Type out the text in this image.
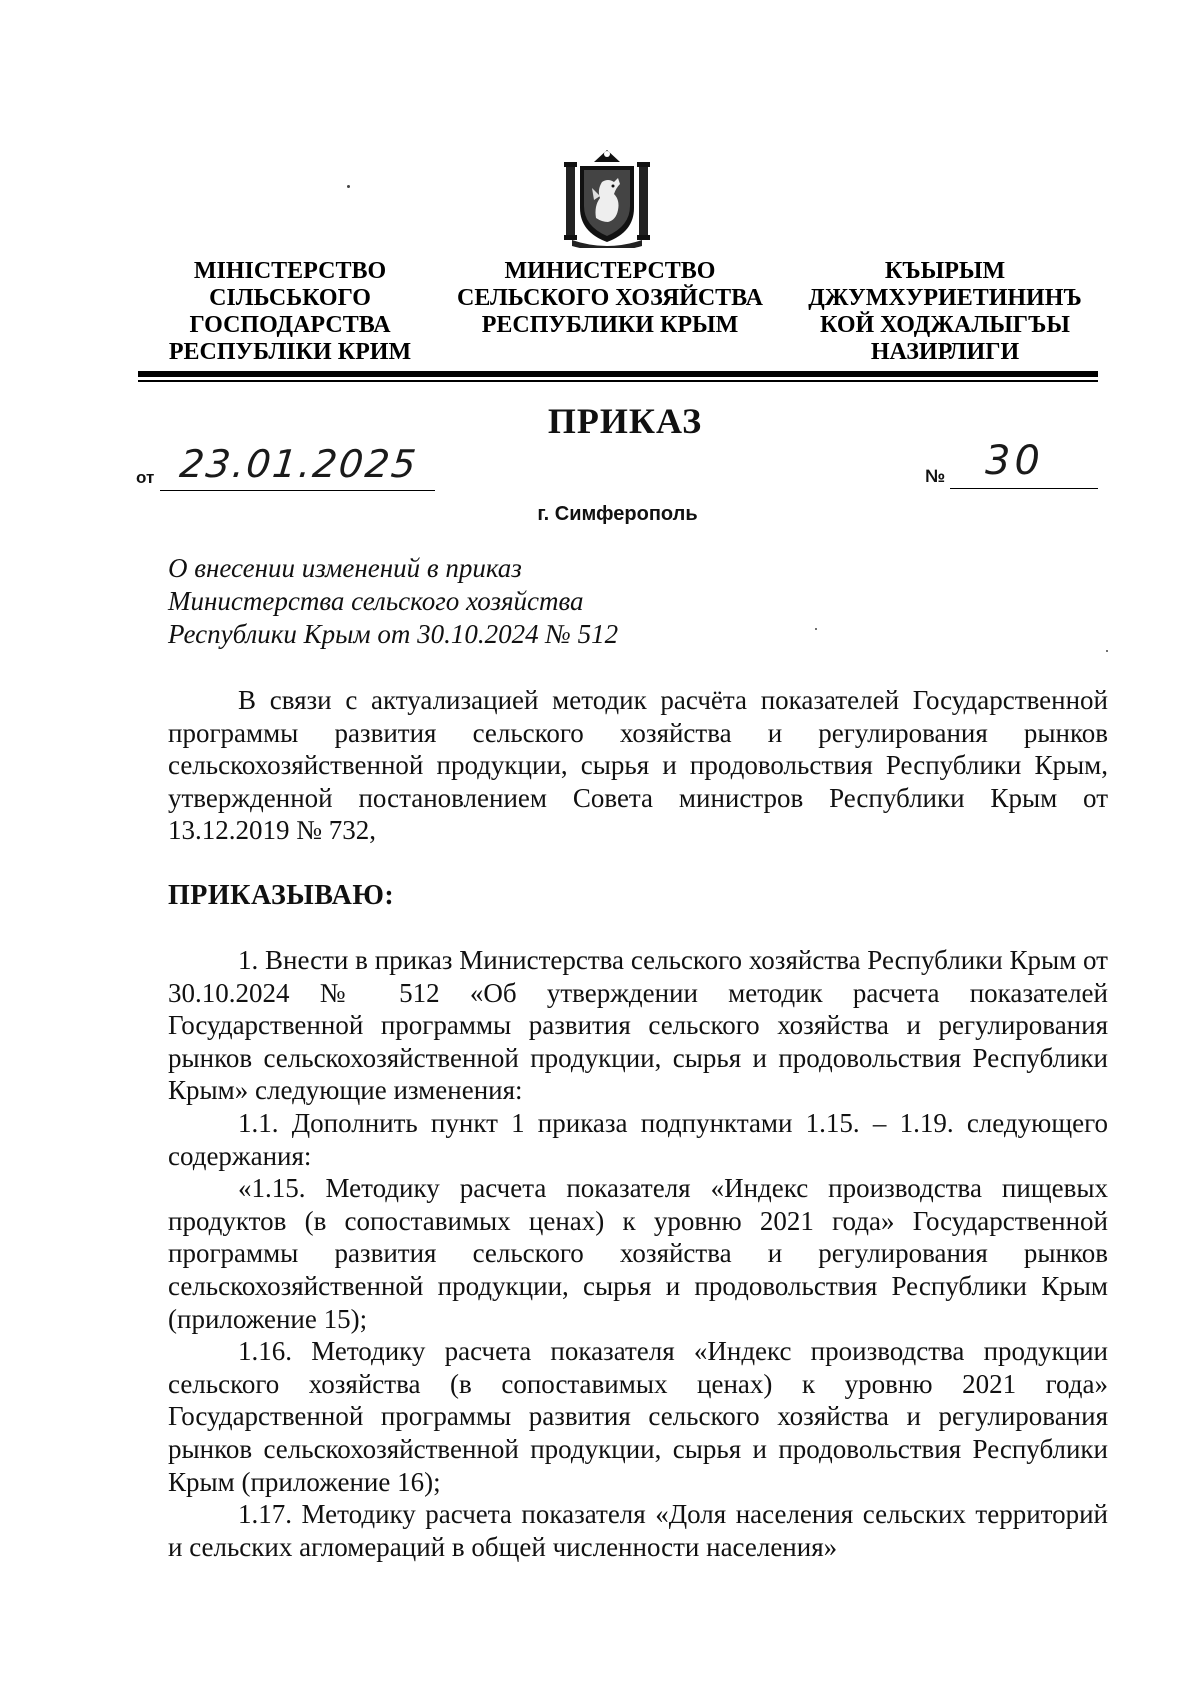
МІНІСТЕРСТВО
СІЛЬСЬКОГО
ГОСПОДАРСТВА
РЕСПУБЛІКИ КРИМ
МИНИСТЕРСТВО
СЕЛЬСКОГО ХОЗЯЙСТВА
РЕСПУБЛИКИ КРЫМ
КЪЫРЫМ
ДЖУМХУРИЕТИНИНЪ
КОЙ ХОДЖАЛЫГЪЫ
НАЗИРЛИГИ
ПРИКАЗ
от 23.01.2025	№ 30
г. Симферополь
О внесении изменений в приказ
Министерства сельского хозяйства
Республики Крым от 30.10.2024 № 512

В связи с актуализацией методик расчёта показателей Государственной программы развития сельского хозяйства и регулирования рынков сельскохозяйственной продукции, сырья и продовольствия Республики Крым, утвержденной постановлением Совета министров Республики Крым от 13.12.2019 № 732,

ПРИКАЗЫВАЮ:

1. Внести в приказ Министерства сельского хозяйства Республики Крым от 30.10.2024 № 512 «Об утверждении методик расчета показателей Государственной программы развития сельского хозяйства и регулирования рынков сельскохозяйственной продукции, сырья и продовольствия Республики Крым» следующие изменения:

1.1. Дополнить пункт 1 приказа подпунктами 1.15. – 1.19. следующего содержания:

«1.15. Методику расчета показателя «Индекс производства пищевых продуктов (в сопоставимых ценах) к уровню 2021 года» Государственной программы развития сельского хозяйства и регулирования рынков сельскохозяйственной продукции, сырья и продовольствия Республики Крым (приложение 15);

1.16. Методику расчета показателя «Индекс производства продукции сельского хозяйства (в сопоставимых ценах) к уровню 2021 года» Государственной программы развития сельского хозяйства и регулирования рынков сельскохозяйственной продукции, сырья и продовольствия Республики Крым (приложение 16);

1.17. Методику расчета показателя «Доля населения сельских территорий и сельских агломераций в общей численности населения»
